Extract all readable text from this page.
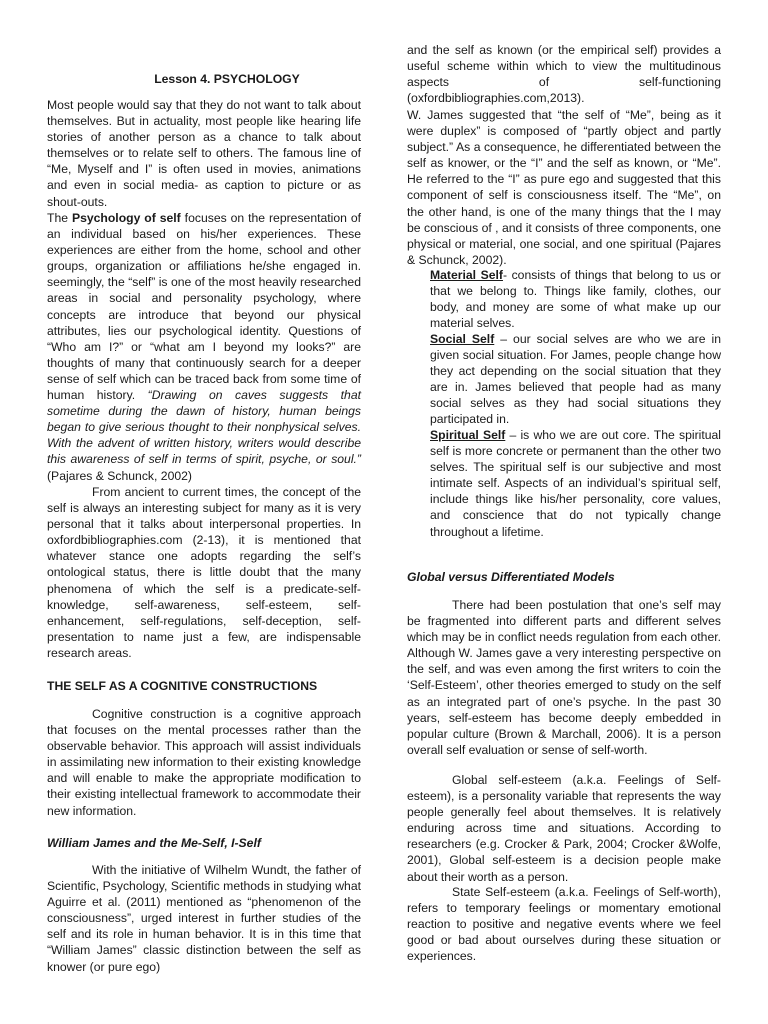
Lesson 4. PSYCHOLOGY

Most people would say that they do not want to talk about themselves. But in actuality, most people like hearing life stories of another person as a chance to talk about themselves or to relate self to others. The famous line of “Me, Myself and I” is often used in movies, animations and even in social media- as caption to picture or as shout-outs.

The Psychology of self focuses on the representation of an individual based on his/her experiences. These experiences are either from the home, school and other groups, organization or affiliations he/she engaged in. seemingly, the “self” is one of the most heavily researched areas in social and personality psychology, where concepts are introduce that beyond our physical attributes, lies our psychological identity. Questions of “Who am I?” or “what am I beyond my looks?” are thoughts of many that continuously search for a deeper sense of self which can be traced back from some time of human history. “Drawing on caves suggests that sometime during the dawn of history, human beings began to give serious thought to their nonphysical selves. With the advent of written history, writers would describe this awareness of self in terms of spirit, psyche, or soul.” (Pajares & Schunck, 2002)

From ancient to current times, the concept of the self is always an interesting subject for many as it is very personal that it talks about interpersonal properties. In oxfordbibliographies.com (2-13), it is mentioned that whatever stance one adopts regarding the self’s ontological status, there is little doubt that the many phenomena of which the self is a predicate-self-knowledge, self-awareness, self-esteem, self-enhancement, self-regulations, self-deception, self-presentation to name just a few, are indispensable research areas.

THE SELF AS A COGNITIVE CONSTRUCTIONS

Cognitive construction is a cognitive approach that focuses on the mental processes rather than the observable behavior. This approach will assist individuals in assimilating new information to their existing knowledge and will enable to make the appropriate modification to their existing intellectual framework to accommodate their new information.

William James and the Me-Self, I-Self

With the initiative of Wilhelm Wundt, the father of Scientific, Psychology, Scientific methods in studying what Aguirre et al. (2011) mentioned as “phenomenon of the consciousness”, urged interest in further studies of the self and its role in human behavior. It is in this time that “William James” classic distinction between the self as knower (or pure ego)

and the self as known (or the empirical self) provides a useful scheme within which to view the multitudinous aspects of self-functioning (oxfordbibliographies.com,2013).

W. James suggested that “the self of “Me”, being as it were duplex” is composed of “partly object and partly subject.” As a consequence, he differentiated between the self as knower, or the “I” and the self as known, or “Me”. He referred to the “I” as pure ego and suggested that this component of self is consciousness itself. The “Me”, on the other hand, is one of the many things that the I may be conscious of , and it consists of three components, one physical or material, one social, and one spiritual (Pajares & Schunck, 2002).

Material Self- consists of things that belong to us or that we belong to. Things like family, clothes, our body, and money are some of what make up our material selves.

Social Self – our social selves are who we are in given social situation. For James, people change how they act depending on the social situation that they are in. James believed that people had as many social selves as they had social situations they participated in.

Spiritual Self – is who we are out core. The spiritual self is more concrete or permanent than the other two selves. The spiritual self is our subjective and most intimate self. Aspects of an individual’s spiritual self, include things like his/her personality, core values, and conscience that do not typically change throughout a lifetime.

Global versus Differentiated Models

There had been postulation that one’s self may be fragmented into different parts and different selves which may be in conflict needs regulation from each other. Although W. James gave a very interesting perspective on the self, and was even among the first writers to coin the ‘Self-Esteem’, other theories emerged to study on the self as an integrated part of one’s psyche. In the past 30 years, self-esteem has become deeply embedded in popular culture (Brown & Marchall, 2006). It is a person overall self evaluation or sense of self-worth.

Global self-esteem (a.k.a. Feelings of Self-esteem), is a personality variable that represents the way people generally feel about themselves. It is relatively enduring across time and situations. According to researchers (e.g. Crocker & Park, 2004; Crocker &Wolfe, 2001), Global self-esteem is a decision people make about their worth as a person.

State Self-esteem (a.k.a. Feelings of Self-worth), refers to temporary feelings or momentary emotional reaction to positive and negative events where we feel good or bad about ourselves during these situation or experiences.
